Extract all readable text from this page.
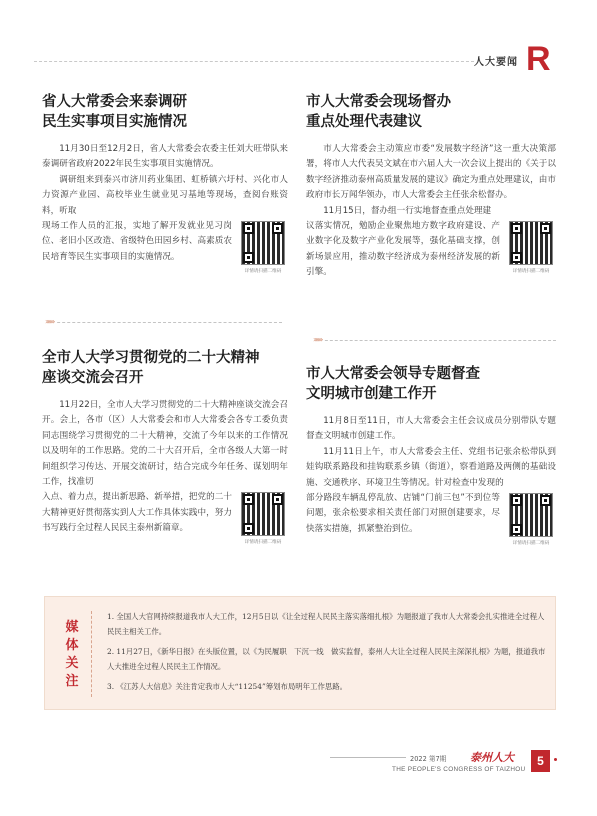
人大要闻 R
省人大常委会来泰调研
民生实事项目实施情况

11月30日至12月2日，省人大常委会农委主任刘大旺带队来泰调研省政府2022年民生实事项目实施情况。

调研组来到泰兴市济川药业集团、虹桥镇六圩村、兴化市人力资源产业园、高校毕业生就业见习基地等现场，查阅台账资料，听取

现场工作人员的汇报，实地了解开发就业见习岗位、老旧小区改造、省级特色田园乡村、高素质农民培育等民生实事项目的实施情况。

详情请扫描二维码
›››››››
全市人大学习贯彻党的二十大精神
座谈交流会召开

11月22日，全市人大学习贯彻党的二十大精神座谈交流会召开。会上，各市（区）人大常委会和市人大常委会各专工委负责同志围绕学习贯彻党的二十大精神，交流了今年以来的工作情况以及明年的工作思路。党的二十大召开后，全市各级人大第一时间组织学习传达、开展交流研讨，结合完成今年任务、谋划明年工作，找准切

入点、着力点，提出新思路、新举措，把党的二十大精神更好贯彻落实到人大工作具体实践中，努力书写践行全过程人民民主泰州新篇章。

详情请扫描二维码
市人大常委会现场督办
重点处理代表建议

市人大常委会主动策应市委“发展数字经济”这一重大决策部署，将市人大代表吴文斌在市六届人大一次会议上提出的《关于以数字经济推动泰州高质量发展的建议》确定为重点处理建议，由市政府市长万闻华领办，市人大常委会主任张余松督办。

11月15日，督办组一行实地督查重点处理建

议落实情况，勉励企业聚焦地方数字政府建设、产业数字化及数字产业化发展等，强化基础支撑，创新场景应用，推动数字经济成为泰州经济发展的新引擎。	详情请扫描二维码
›››››››
市人大常委会领导专题督查
文明城市创建工作开

11月8日至11日，市人大常委会主任会议成员分别带队专题督查文明城市创建工作。

11月11日上午，市人大常委会主任、党组书记张余松带队到娃钩联系路段和挂钩联系乡镇（街道），察看道路及两侧的基础设施、交通秩序、环境卫生等情况。针对检查中发现的

部分路段车辆乱停乱放、店铺“门前三包”不到位等问题，张余松要求相关责任部门对照创建要求，尽快落实措施，抓紧整治到位。

详情请扫描二维码
媒体关注

1. 全国人大官网持续报道我市人大工作，12月5日以《让全过程人民民主落实落细扎根》为题报道了我市人大常委会扎实推进全过程人民民主相关工作。

2. 11月27日，《新华日报》在头版位置，以《为民履职　下沉一线　做实监督，泰州人大让全过程人民民主深深扎根》为题，报道我市人大推进全过程人民民主工作情况。

3. 《江苏人大信息》关注肯定我市人大“11254”筹划布局明年工作思路。

2022 第7期 泰州人大
THE PEOPLE'S CONGRESS OF TAIZHOU
5
